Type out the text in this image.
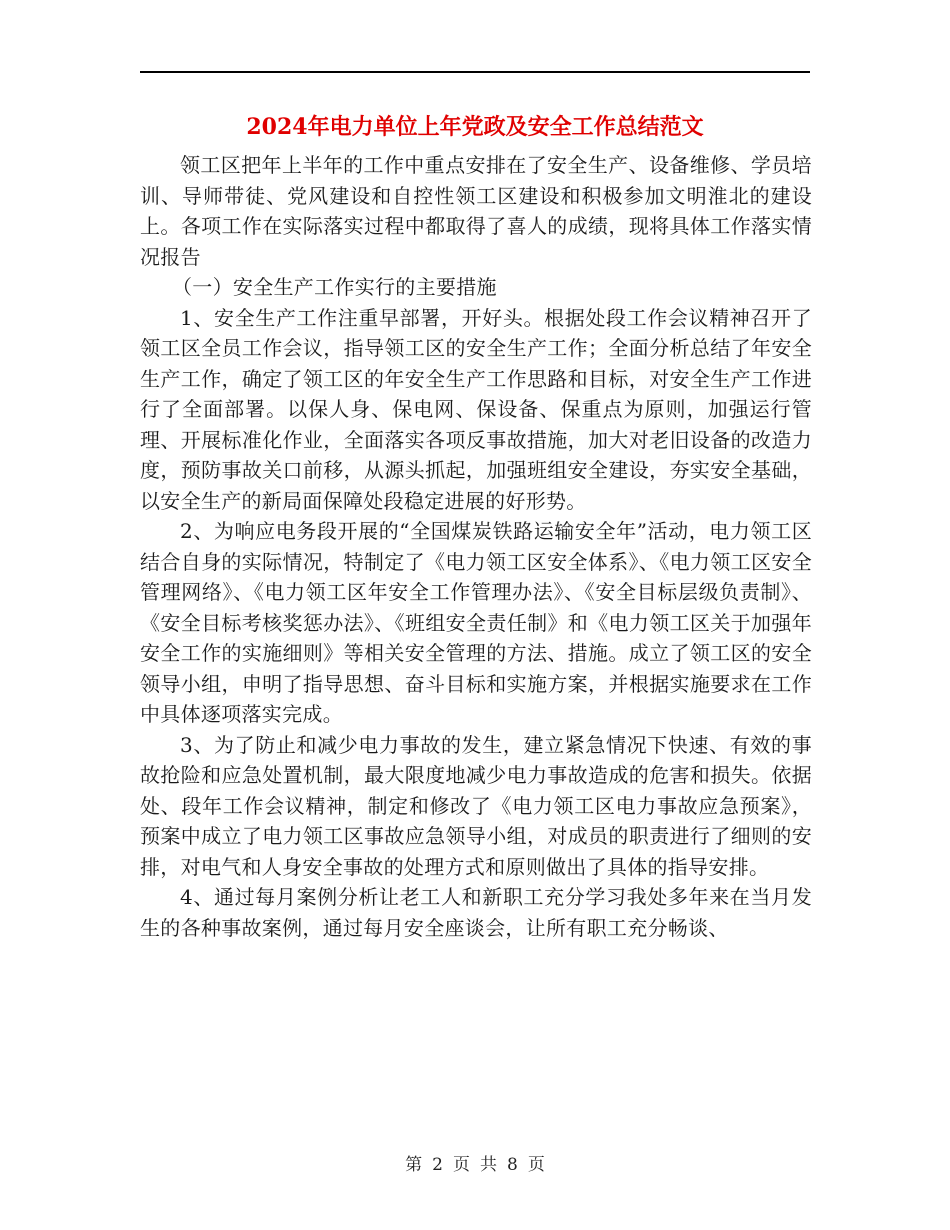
2024年电力单位上年党政及安全工作总结范文

领工区把年上半年的工作中重点安排在了安全生产、设备维修、学员培训、导师带徒、党风建设和自控性领工区建设和积极参加文明淮北的建设上。各项工作在实际落实过程中都取得了喜人的成绩，现将具体工作落实情况报告

（一）安全生产工作实行的主要措施

1、安全生产工作注重早部署，开好头。根据处段工作会议精神召开了领工区全员工作会议，指导领工区的安全生产工作；全面分析总结了年安全生产工作，确定了领工区的年安全生产工作思路和目标，对安全生产工作进行了全面部署。以保人身、保电网、保设备、保重点为原则，加强运行管理、开展标准化作业，全面落实各项反事故措施，加大对老旧设备的改造力度，预防事故关口前移，从源头抓起，加强班组安全建设，夯实安全基础，以安全生产的新局面保障处段稳定进展的好形势。

2、为响应电务段开展的“全国煤炭铁路运输安全年”活动，电力领工区结合自身的实际情况，特制定了《电力领工区安全体系》、《电力领工区安全管理网络》、《电力领工区年安全工作管理办法》、《安全目标层级负责制》、《安全目标考核奖惩办法》、《班组安全责任制》和《电力领工区关于加强年安全工作的实施细则》等相关安全管理的方法、措施。成立了领工区的安全领导小组，申明了指导思想、奋斗目标和实施方案，并根据实施要求在工作中具体逐项落实完成。

3、为了防止和减少电力事故的发生，建立紧急情况下快速、有效的事故抢险和应急处置机制，最大限度地减少电力事故造成的危害和损失。依据处、段年工作会议精神，制定和修改了《电力领工区电力事故应急预案》，预案中成立了电力领工区事故应急领导小组，对成员的职责进行了细则的安排，对电气和人身安全事故的处理方式和原则做出了具体的指导安排。

4、通过每月案例分析让老工人和新职工充分学习我处多年来在当月发生的各种事故案例，通过每月安全座谈会，让所有职工充分畅谈、

第 2 页 共 8 页
